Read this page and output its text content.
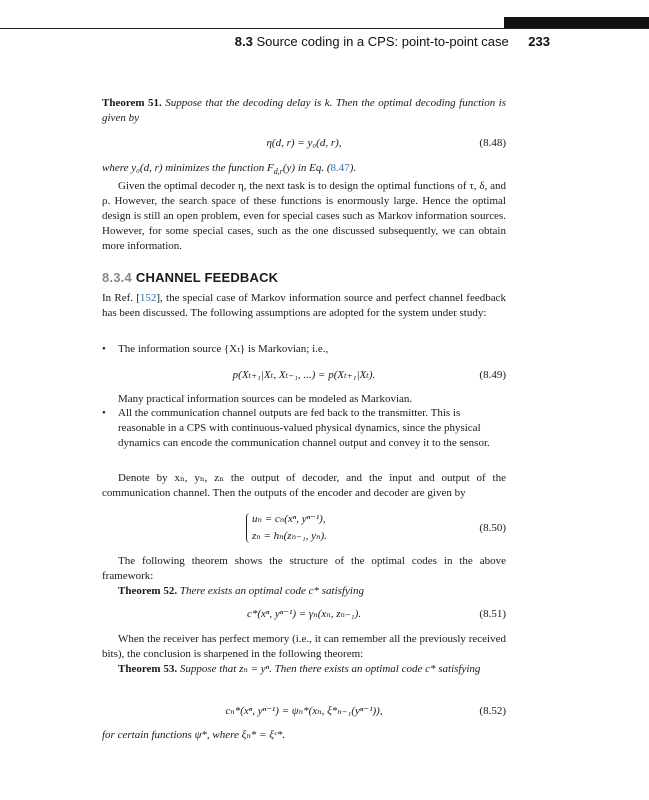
8.3 Source coding in a CPS: point-to-point case 233
Theorem 51. Suppose that the decoding delay is k. Then the optimal decoding function is given by
η(d, r) = y₀(d, r),	(8.48)
where y₀(d, r) minimizes the function $F_{d,r}(y)$ in Eq. (8.47).
Given the optimal decoder η, the next task is to design the optimal functions of τ, δ, and ρ. However, the search space of these functions is enormously large. Hence the optimal design is still an open problem, even for special cases such as Markov information sources. However, for some special cases, such as the one discussed subsequently, we can obtain more information.
8.3.4 CHANNEL FEEDBACK
In Ref. [152], the special case of Markov information source and perfect channel feedback has been discussed. The following assumptions are adopted for the system under study:
• The information source {Xₜ} is Markovian; i.e.,
p(Xₜ₊₁|Xₜ, Xₜ₋₁, ...) = p(Xₜ₊₁|Xₜ).	(8.49)
Many practical information sources can be modeled as Markovian.
• All the communication channel outputs are fed back to the transmitter. This is reasonable in a CPS with continuous-valued physical dynamics, since the physical dynamics can encode the communication channel output and convey it to the sensor.
Denote by xₙ, yₙ, zₙ the output of decoder, and the input and output of the communication channel. Then the outputs of the encoder and decoder are given by
uₙ = cₙ(xⁿ, yⁿ⁻¹),
zₙ = hₙ(zₙ₋₁, yₙ).
(8.50)
The following theorem shows the structure of the optimal codes in the above framework:
Theorem 52. There exists an optimal code c* satisfying
c*(xⁿ, yⁿ⁻¹) = γₙ(xₙ, zₙ₋₁).	(8.51)
When the receiver has perfect memory (i.e., it can remember all the previously received bits), the conclusion is sharpened in the following theorem:
Theorem 53. Suppose that zₙ = yⁿ. Then there exists an optimal code c* satisfying
cₙ*(xⁿ, yⁿ⁻¹) = ψₙ*(xₙ, ξ*ₙ₋₁(yⁿ⁻¹)),	(8.52)
for certain functions ψ*, where ξₙ* = ξᶜ*.
